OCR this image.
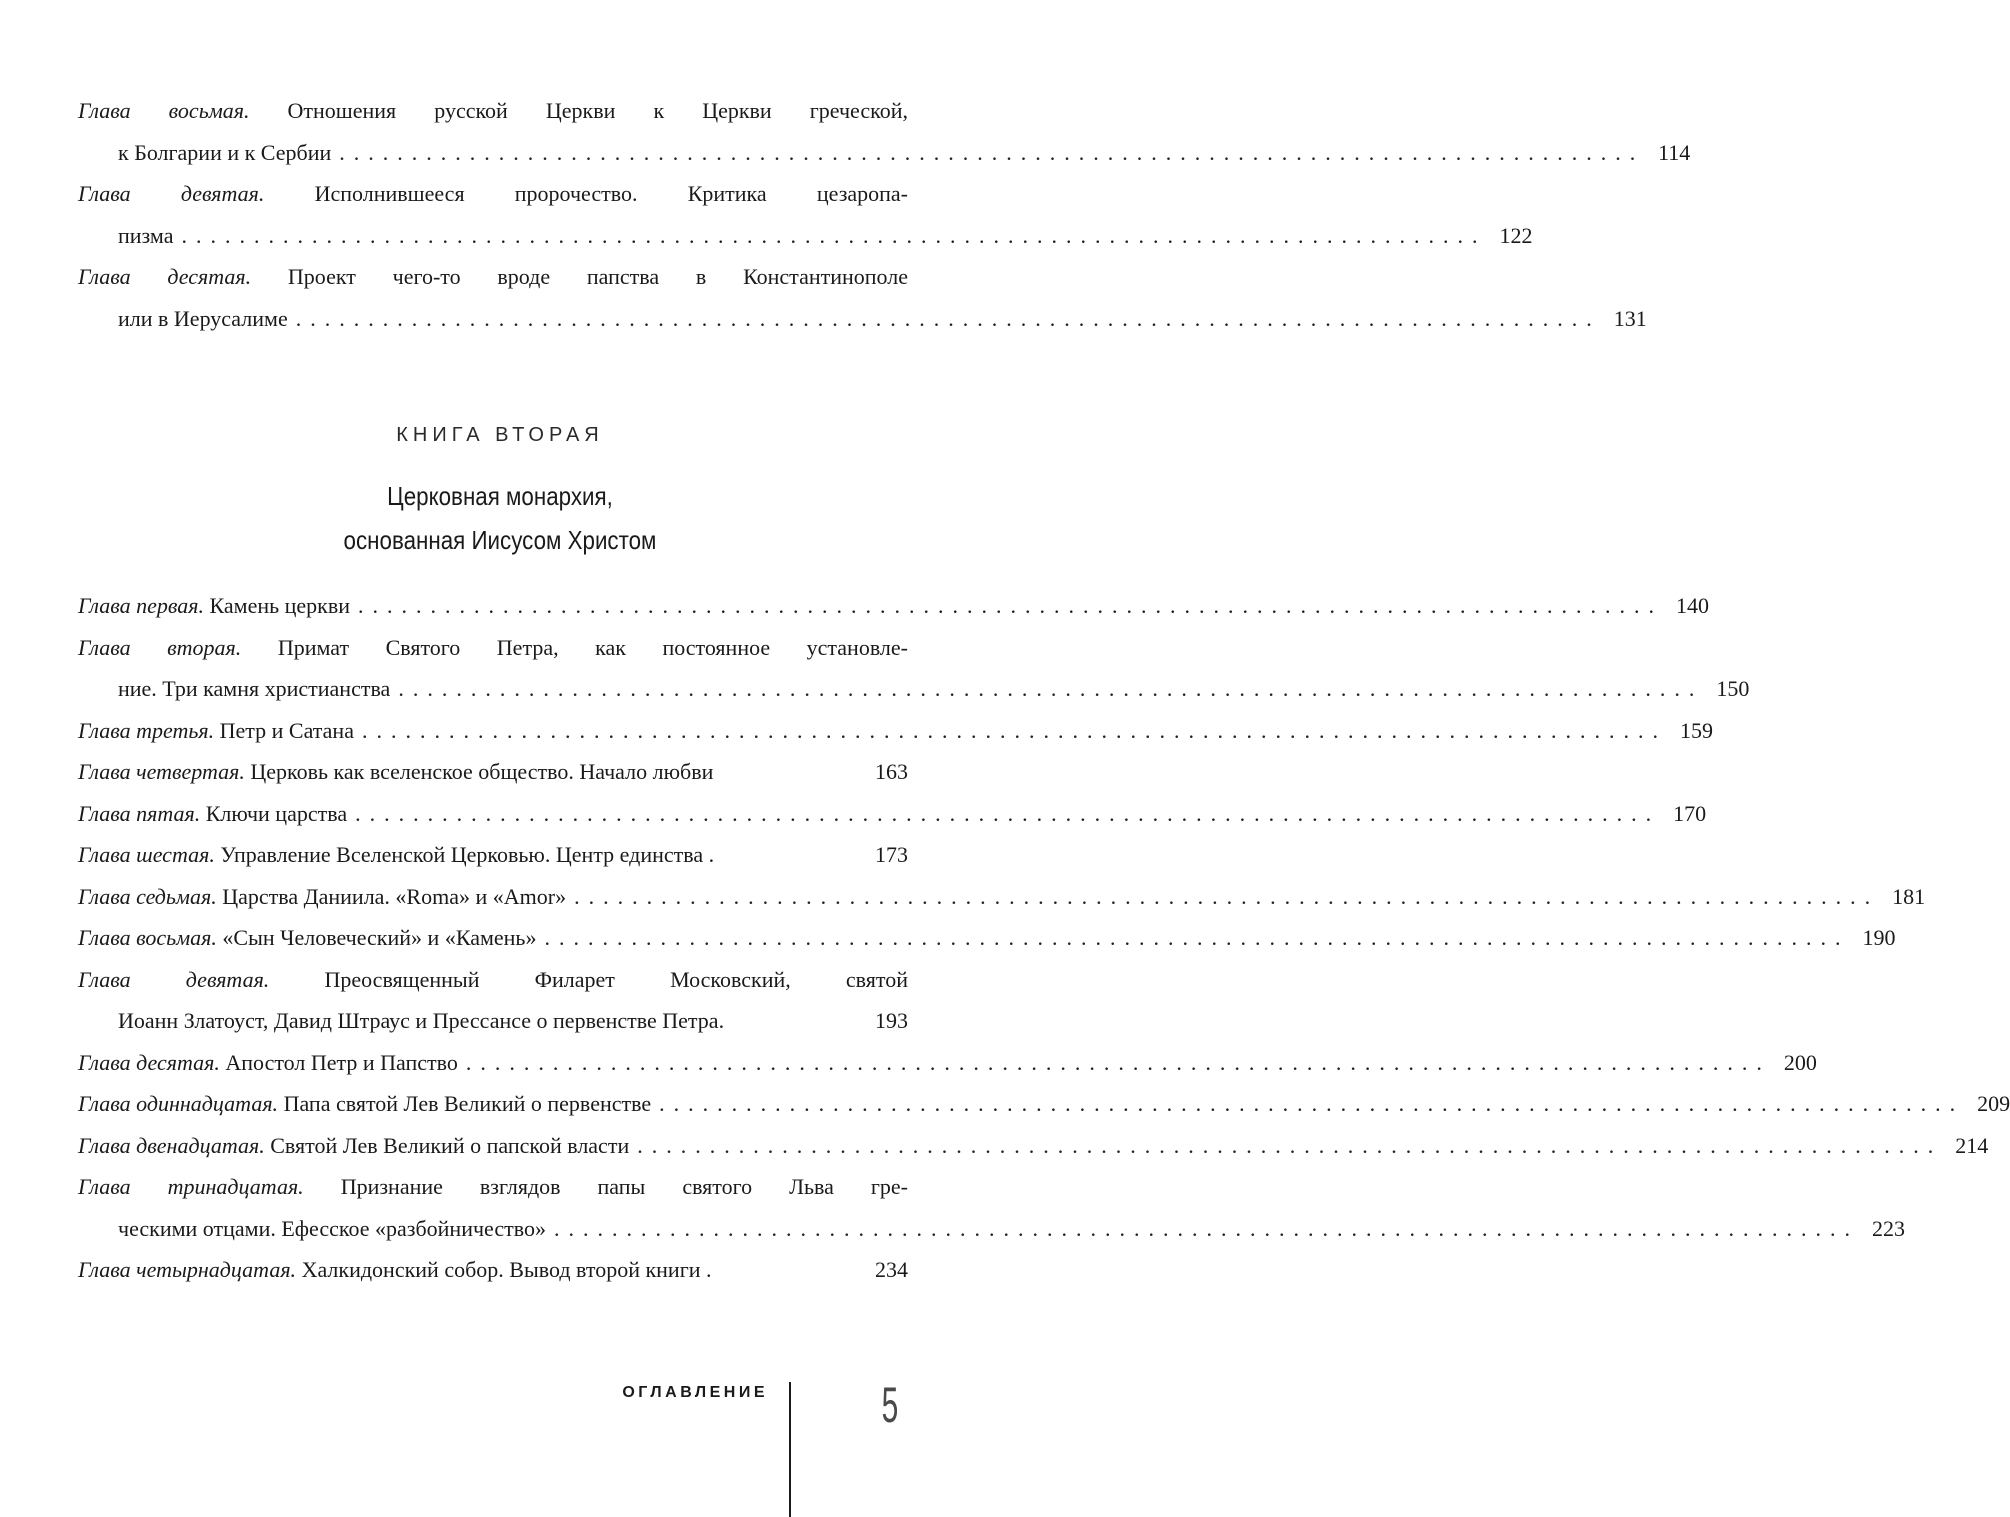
Глава восьмая. Отношения русской Церкви к Церкви греческой,
к Болгарии и к Сербии .......................................................................................... 114
Глава девятая. Исполнившееся пророчество. Критика цезаропа-
пизма .......................................................................................... 122
Глава десятая. Проект чего-то вроде папства в Константинополе
или в Иерусалиме .......................................................................................... 131
КНИГА ВТОРАЯ
Церковная монархия,
основанная Иисусом Христом
Глава первая. Камень церкви .......................................................................................... 140
Глава вторая. Примат Святого Петра, как постоянное установле-
ние. Три камня христианства .......................................................................................... 150
Глава третья. Петр и Сатана .......................................................................................... 159
Глава четвертая. Церковь как вселенское общество. Начало любви	163
Глава пятая. Ключи царства .......................................................................................... 170
Глава шестая. Управление Вселенской Церковью. Центр единства .	173
Глава седьмая. Царства Даниила. «Roma» и «Amor» .......................................................................................... 181
Глава восьмая. «Сын Человеческий» и «Камень» .......................................................................................... 190
Глава девятая.	Преосвященный Филарет Московский, святой
Иоанн Златоуст, Давид Штраус и Прессансе о первенстве Петра.	193
Глава десятая. Апостол Петр и Папство .......................................................................................... 200
Глава одиннадцатая. Папа святой Лев Великий о первенстве .......................................................................................... 209
Глава двенадцатая. Святой Лев Великий о папской власти .......................................................................................... 214
Глава тринадцатая. Признание взглядов папы святого Льва гре-
ческими отцами. Ефесское «разбойничество» .......................................................................................... 223
Глава четырнадцатая. Халкидонский собор. Вывод второй книги .	234
ОГЛАВЛЕНИЕ 5
